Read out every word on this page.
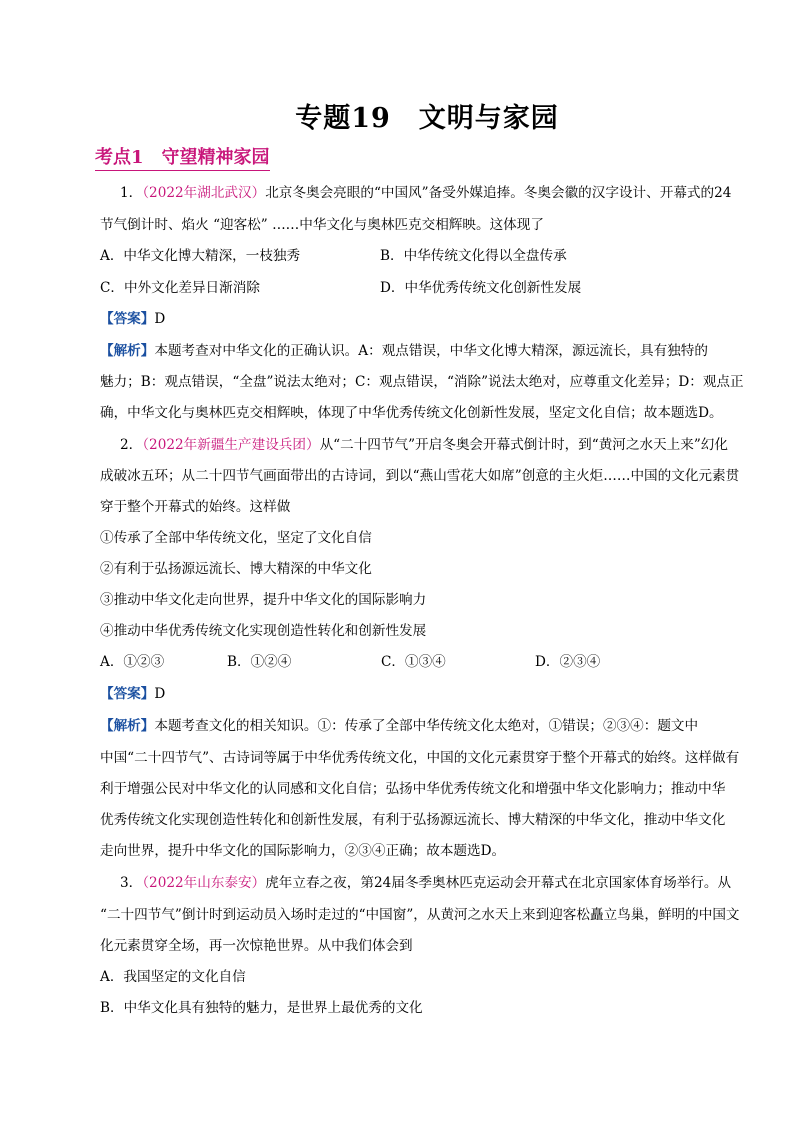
专题19 文明与家园
考点1 守望精神家园
1．（2022年湖北武汉）北京冬奥会亮眼的“中国风”备受外媒追捧。冬奥会徽的汉字设计、开幕式的24
节气倒计时、焰火 “迎客松” ……中华文化与奥林匹克交相辉映。这体现了
A．中华文化博大精深，一枝独秀	B．中华传统文化得以全盘传承
C．中外文化差异日渐消除	D．中华优秀传统文化创新性发展
【答案】D
【解析】本题考查对中华文化的正确认识。A：观点错误，中华文化博大精深，源远流长，具有独特的
魅力；B：观点错误，“全盘”说法太绝对；C：观点错误，“消除”说法太绝对，应尊重文化差异；D：观点正
确，中华文化与奥林匹克交相辉映，体现了中华优秀传统文化创新性发展，坚定文化自信；故本题选D。
2．（2022年新疆生产建设兵团）从“二十四节气”开启冬奥会开幕式倒计时，到“黄河之水天上来”幻化
成破冰五环；从二十四节气画面带出的古诗词，到以“燕山雪花大如席”创意的主火炬……中国的文化元素贯
穿于整个开幕式的始终。这样做
①传承了全部中华传统文化，坚定了文化自信
②有利于弘扬源远流长、博大精深的中华文化
③推动中华文化走向世界，提升中华文化的国际影响力
④推动中华优秀传统文化实现创造性转化和创新性发展
A．①②③	B．①②④	C．①③④	D．②③④
【答案】D
【解析】本题考查文化的相关知识。①：传承了全部中华传统文化太绝对，①错误；②③④：题文中
中国“二十四节气”、古诗词等属于中华优秀传统文化，中国的文化元素贯穿于整个开幕式的始终。这样做有
利于增强公民对中华文化的认同感和文化自信；弘扬中华优秀传统文化和增强中华文化影响力；推动中华
优秀传统文化实现创造性转化和创新性发展，有利于弘扬源远流长、博大精深的中华文化，推动中华文化
走向世界，提升中华文化的国际影响力，②③④正确；故本题选D。
3．（2022年山东泰安）虎年立春之夜，第24届冬季奥林匹克运动会开幕式在北京国家体育场举行。从
“二十四节气”倒计时到运动员入场时走过的“中国窗”，从黄河之水天上来到迎客松矗立鸟巢，鲜明的中国文
化元素贯穿全场，再一次惊艳世界。从中我们体会到
A．我国坚定的文化自信
B．中华文化具有独特的魅力，是世界上最优秀的文化
